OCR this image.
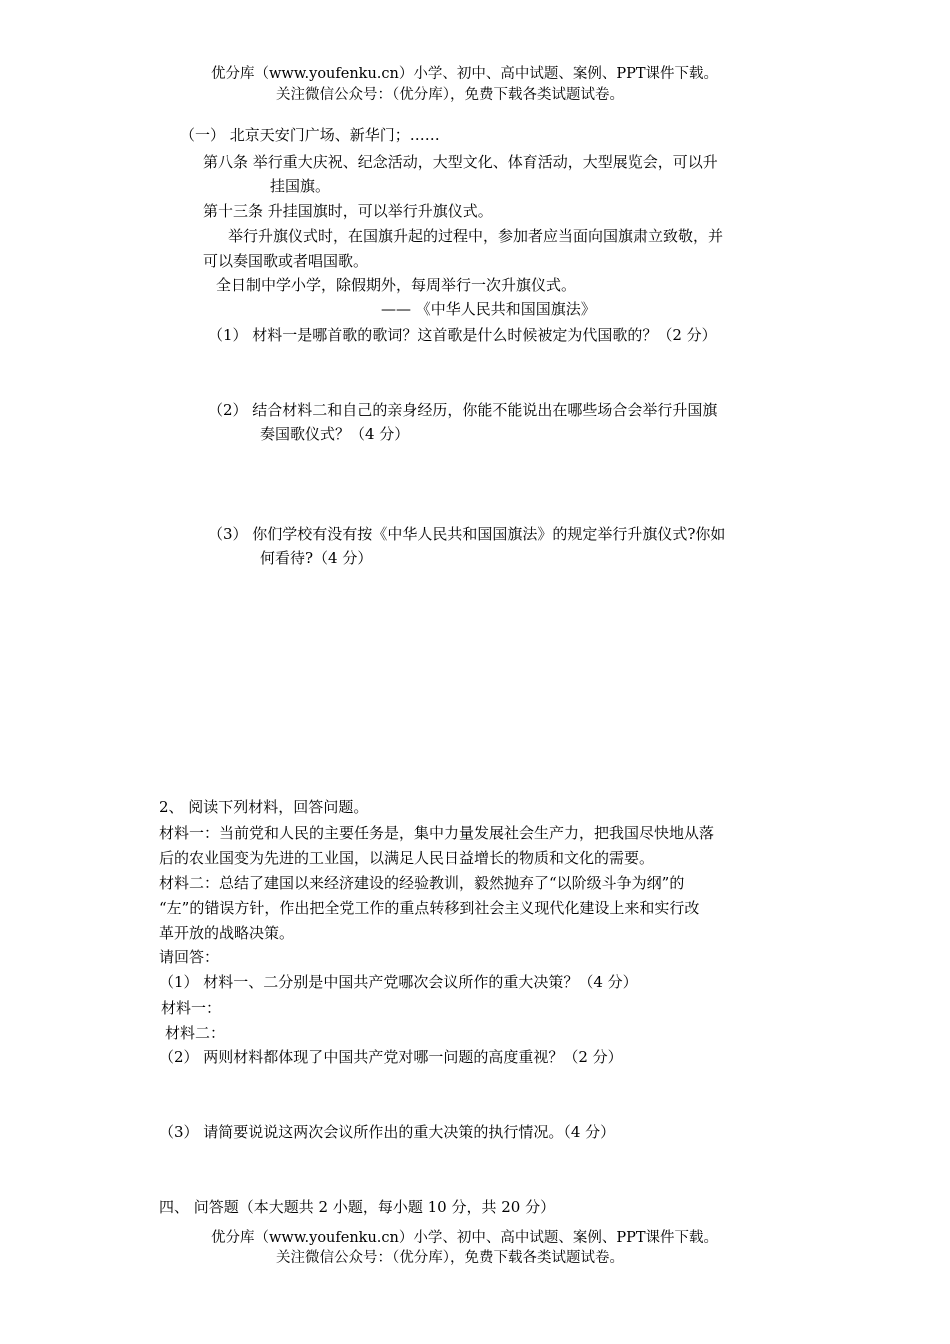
优分库（www.youfenku.cn）小学、初中、高中试题、案例、PPT课件下载。
关注微信公众号：（优分库），免费下载各类试题试卷。
（一） 北京天安门广场、新华门；……
第八条 举行重大庆祝、纪念活动，大型文化、体育活动，大型展览会，可以升
挂国旗。
第十三条 升挂国旗时，可以举行升旗仪式。
举行升旗仪式时，在国旗升起的过程中，参加者应当面向国旗肃立致敬，并
可以奏国歌或者唱国歌。
全日制中学小学，除假期外，每周举行一次升旗仪式。
—— 《中华人民共和国国旗法》
（1） 材料一是哪首歌的歌词？这首歌是什么时候被定为代国歌的？（2 分）
（2） 结合材料二和自己的亲身经历，你能不能说出在哪些场合会举行升国旗
奏国歌仪式？（4 分）
（3） 你们学校有没有按《中华人民共和国国旗法》的规定举行升旗仪式?你如
何看待?（4 分）
2、 阅读下列材料，回答问题。
材料一：当前党和人民的主要任务是，集中力量发展社会生产力，把我国尽快地从落
后的农业国变为先进的工业国，以满足人民日益增长的物质和文化的需要。
材料二：总结了建国以来经济建设的经验教训，毅然抛弃了“以阶级斗争为纲”的
“左”的错误方针，作出把全党工作的重点转移到社会主义现代化建设上来和实行改
革开放的战略决策。
请回答：
（1） 材料一、二分别是中国共产党哪次会议所作的重大决策？（4 分）
材料一：
材料二：
（2） 两则材料都体现了中国共产党对哪一问题的高度重视？（2 分）
（3） 请简要说说这两次会议所作出的重大决策的执行情况。（4 分）
四、 问答题（本大题共 2 小题，每小题 10 分，共 20 分）
优分库（www.youfenku.cn）小学、初中、高中试题、案例、PPT课件下载。
关注微信公众号：（优分库），免费下载各类试题试卷。
